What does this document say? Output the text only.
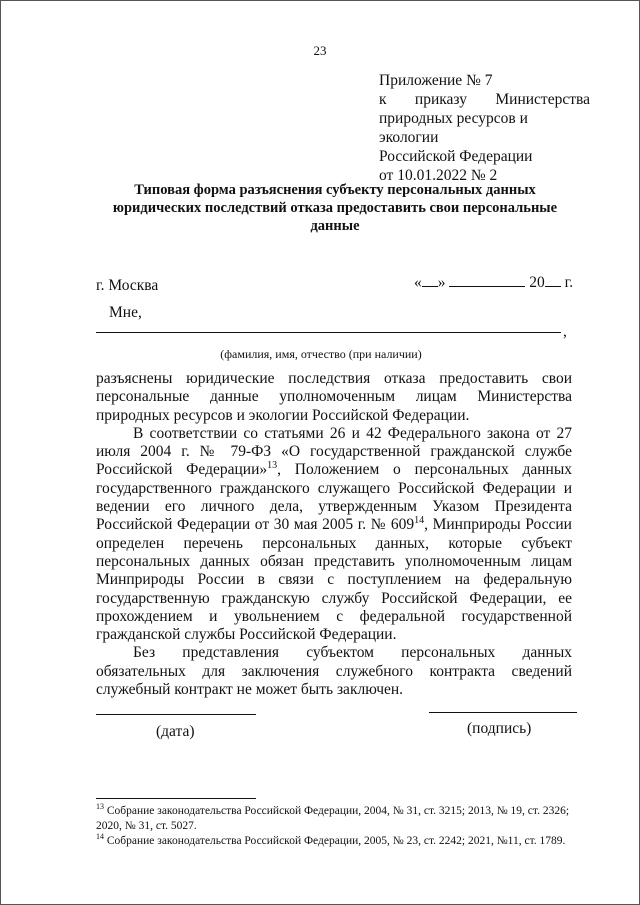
23
Приложение № 7
к приказу Министерства
природных ресурсов и экологии
Российской Федерации
от 10.01.2022 № 2
Типовая форма разъяснения субъекту персональных данных юридических последствий отказа предоставить свои персональные данные
г. Москва	« »	20 г.
Мне,
,
(фамилия, имя, отчество (при наличии)

разъяснены юридические последствия отказа предоставить свои персональные данные уполномоченным лицам Министерства природных ресурсов и экологии Российской Федерации.

В соответствии со статьями 26 и 42 Федерального закона от 27 июля 2004 г. № 79-ФЗ «О государственной гражданской службе Российской Федерации»$^{13}$, Положением о персональных данных государственного гражданского служащего Российской Федерации и ведении его личного дела, утвержденным Указом Президента Российской Федерации от 30 мая 2005 г. № $609^{14}$, Минприроды России определен перечень персональных данных, которые субъект персональных данных обязан представить уполномоченным лицам Минприроды России в связи с поступлением на федеральную государственную гражданскую службу Российской Федерации, ее прохождением и увольнением с федеральной государственной гражданской службы Российской Федерации.

Без представления субъектом персональных данных обязательных для заключения служебного контракта сведений служебный контракт не может быть заключен.

(дата)	(подпись)

$^{13}$ Собрание законодательства Российской Федерации, 2004, № 31, ст. 3215; 2013, № 19, ст. 2326; 2020, № 31, ст. 5027.

$^{14}$ Собрание законодательства Российской Федерации, 2005, № 23, ст. 2242; 2021, №11, ст. 1789.
